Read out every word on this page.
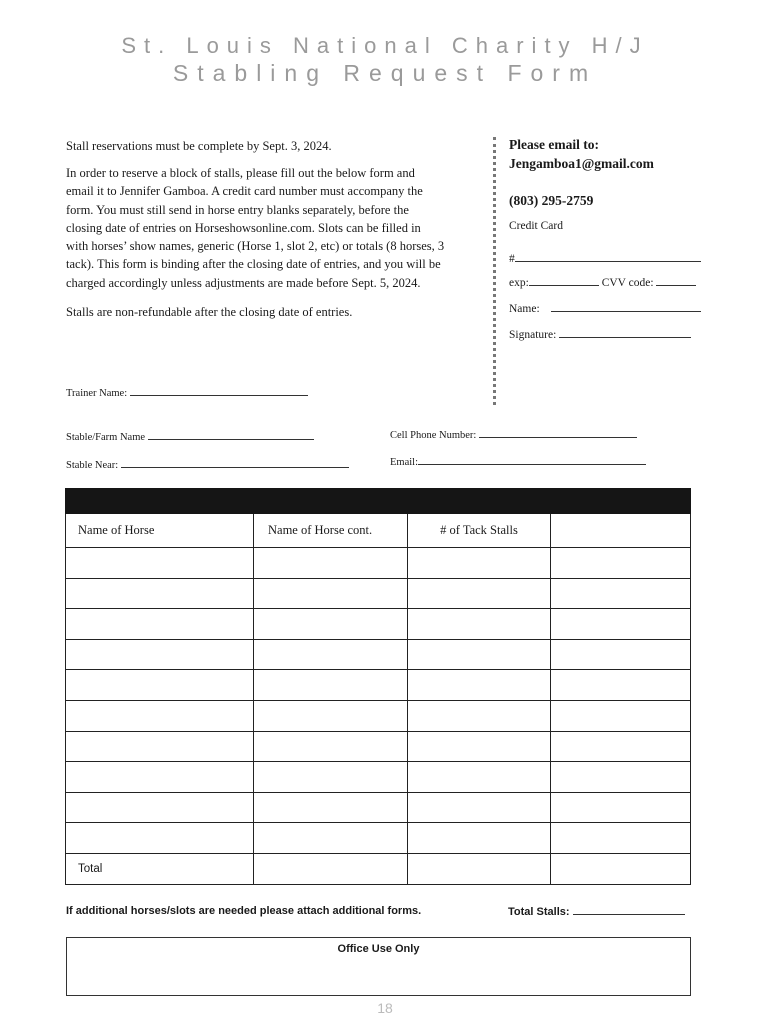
St. Louis National Charity H/J
Stabling Request Form
Stall reservations must be complete by Sept. 3, 2024.
In order to reserve a block of stalls, please fill out the below form and
email it to Jennifer Gamboa. A credit card number must accompany the
form. You must still send in horse entry blanks separately, before the
closing date of entries on Horseshowsonline.com. Slots can be filled in
with horses’ show names, generic (Horse 1, slot 2, etc) or totals (8 horses, 3
tack). This form is binding after the closing date of entries, and you will be
charged accordingly unless adjustments are made before Sept. 5, 2024.
Stalls are non-refundable after the closing date of entries.
Please email to:
Jengamboa1@gmail.com
(803) 295-2759
Credit Card
#
exp:	CVV code:
Name:
Signature:
Trainer Name:
Stable/Farm Name
Stable Near:
Cell Phone Number:
Email:

Name of Horse	Name of Horse cont.	# of Tack Stalls	

Total			
If additional horses/slots are needed please attach additional forms.	Total Stalls:
Office Use Only
18
